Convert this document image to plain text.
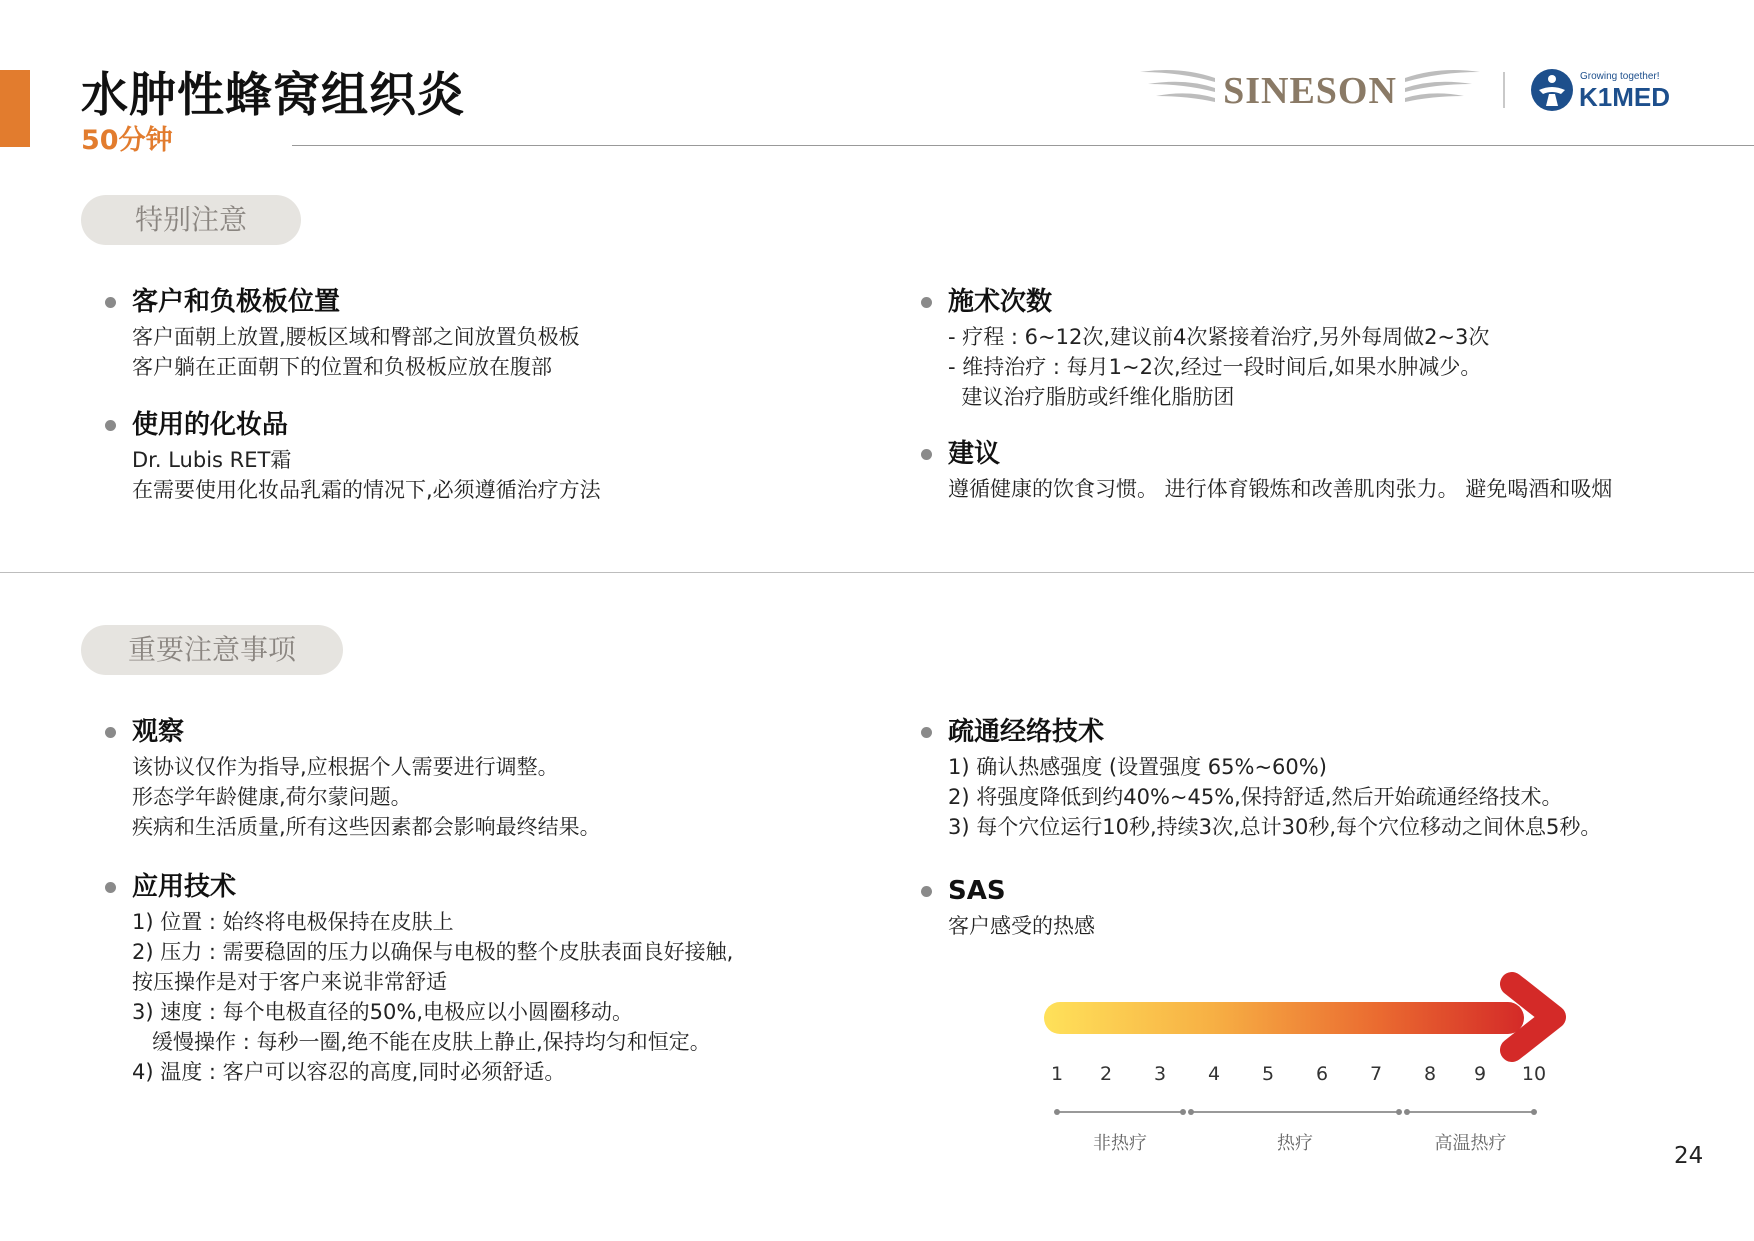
水肿性蜂窝组织炎
50分钟
SINESON	Growing together!
K1MED
特别注意
客户和负极板位置
客户面朝上放置,腰板区域和臀部之间放置负极板
客户躺在正面朝下的位置和负极板应放在腹部
使用的化妆品
Dr. Lubis RET霜
在需要使用化妆品乳霜的情况下,必须遵循治疗方法
施术次数
- 疗程 : 6~12次,建议前4次紧接着治疗,另外每周做2~3次
- 维持治疗 : 每月1~2次,经过一段时间后,如果水肿减少。
建议治疗脂肪或纤维化脂肪团
建议
遵循健康的饮食习惯。 进行体育锻炼和改善肌肉张力。 避免喝酒和吸烟
重要注意事项
观察
该协议仅作为指导,应根据个人需要进行调整。
形态学年龄健康,荷尔蒙问题。
疾病和生活质量,所有这些因素都会影响最终结果。
应用技术
1) 位置 : 始终将电极保持在皮肤上
2) 压力 : 需要稳固的压力以确保与电极的整个皮肤表面良好接触,
按压操作是对于客户来说非常舒适
3) 速度 : 每个电极直径的50%,电极应以小圆圈移动。
缓慢操作 : 每秒一圈,绝不能在皮肤上静止,保持均匀和恒定。
4) 温度 : 客户可以容忍的高度,同时必须舒适。
疏通经络技术
1) 确认热感强度 (设置强度 65%~60%)
2) 将强度降低到约40%~45%,保持舒适,然后开始疏通经络技术。
3) 每个穴位运行10秒,持续3次,总计30秒,每个穴位移动之间休息5秒。
SAS
客户感受的热感
1 2 3 4 5 6 7 8 9 10
非热疗	热疗	高温热疗	24
